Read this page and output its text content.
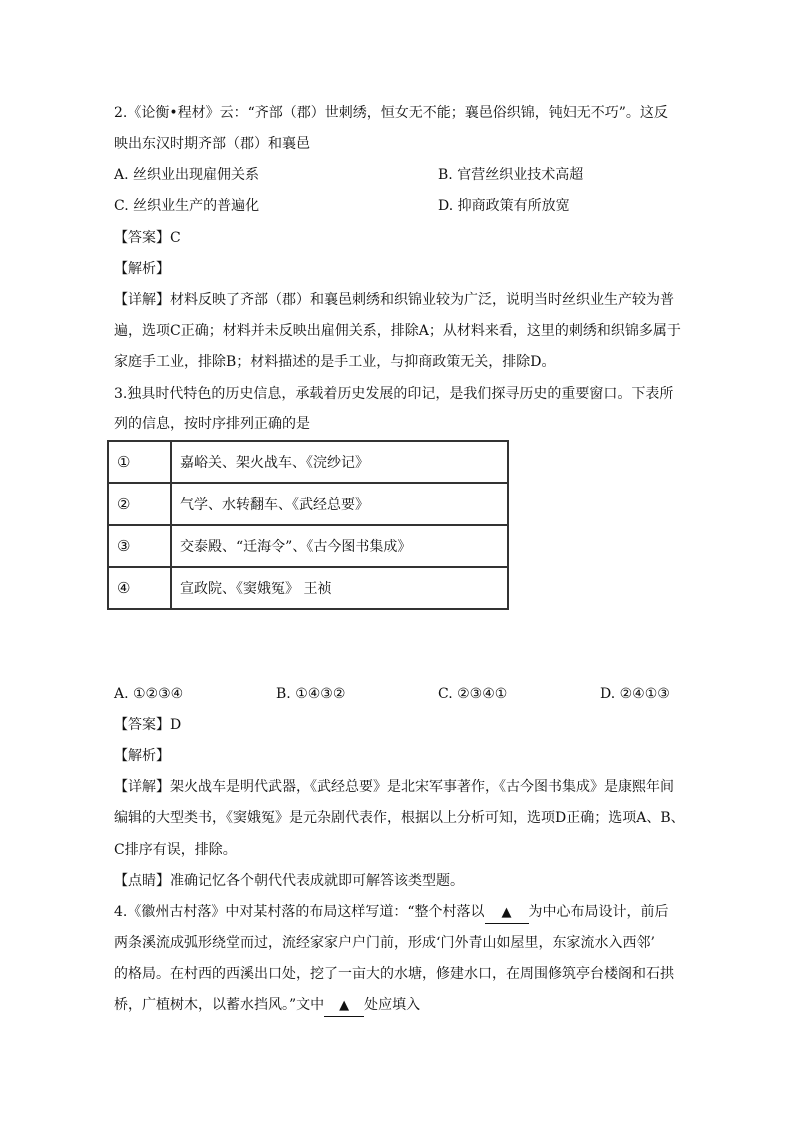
2.《论衡•程材》云：“齐部（郡）世刺绣，恒女无不能；襄邑俗织锦，钝妇无不巧”。这反
映出东汉时期齐部（郡）和襄邑
A. 丝织业出现雇佣关系	B. 官营丝织业技术高超
C. 丝织业生产的普遍化	D. 抑商政策有所放宽
【答案】C
【解析】
【详解】材料反映了齐部（郡）和襄邑刺绣和织锦业较为广泛，说明当时丝织业生产较为普
遍，选项C正确；材料并未反映出雇佣关系，排除A；从材料来看，这里的刺绣和织锦多属于
家庭手工业，排除B；材料描述的是手工业，与抑商政策无关，排除D。
3.独具时代特色的历史信息，承载着历史发展的印记，是我们探寻历史的重要窗口。下表所
列的信息，按时序排列正确的是
①	嘉峪关、架火战车、《浣纱记》
②	气学、水转翻车、《武经总要》
③	交泰殿、“迁海令”、《古今图书集成》
④	宣政院、《窦娥冤》 王祯
A. ①②③④	B. ①④③②	C. ②③④①	D. ②④①③
【答案】D
【解析】
【详解】架火战车是明代武器，《武经总要》是北宋军事著作，《古今图书集成》是康熙年间
编辑的大型类书，《窦娥冤》是元杂剧代表作，根据以上分析可知，选项D正确；选项A、B、
C排序有误，排除。
【点睛】准确记忆各个朝代代表成就即可解答该类型题。
4.《徽州古村落》中对某村落的布局这样写道：“整个村落以 ▲ 为中心布局设计，前后
两条溪流成弧形绕堂而过，流经家家户户门前，形成‘门外青山如屋里，东家流水入西邻’
的格局。在村西的西溪出口处，挖了一亩大的水塘，修建水口，在周围修筑亭台楼阁和石拱
桥，广植树木，以蓄水挡风。”文中 ▲ 处应填入
